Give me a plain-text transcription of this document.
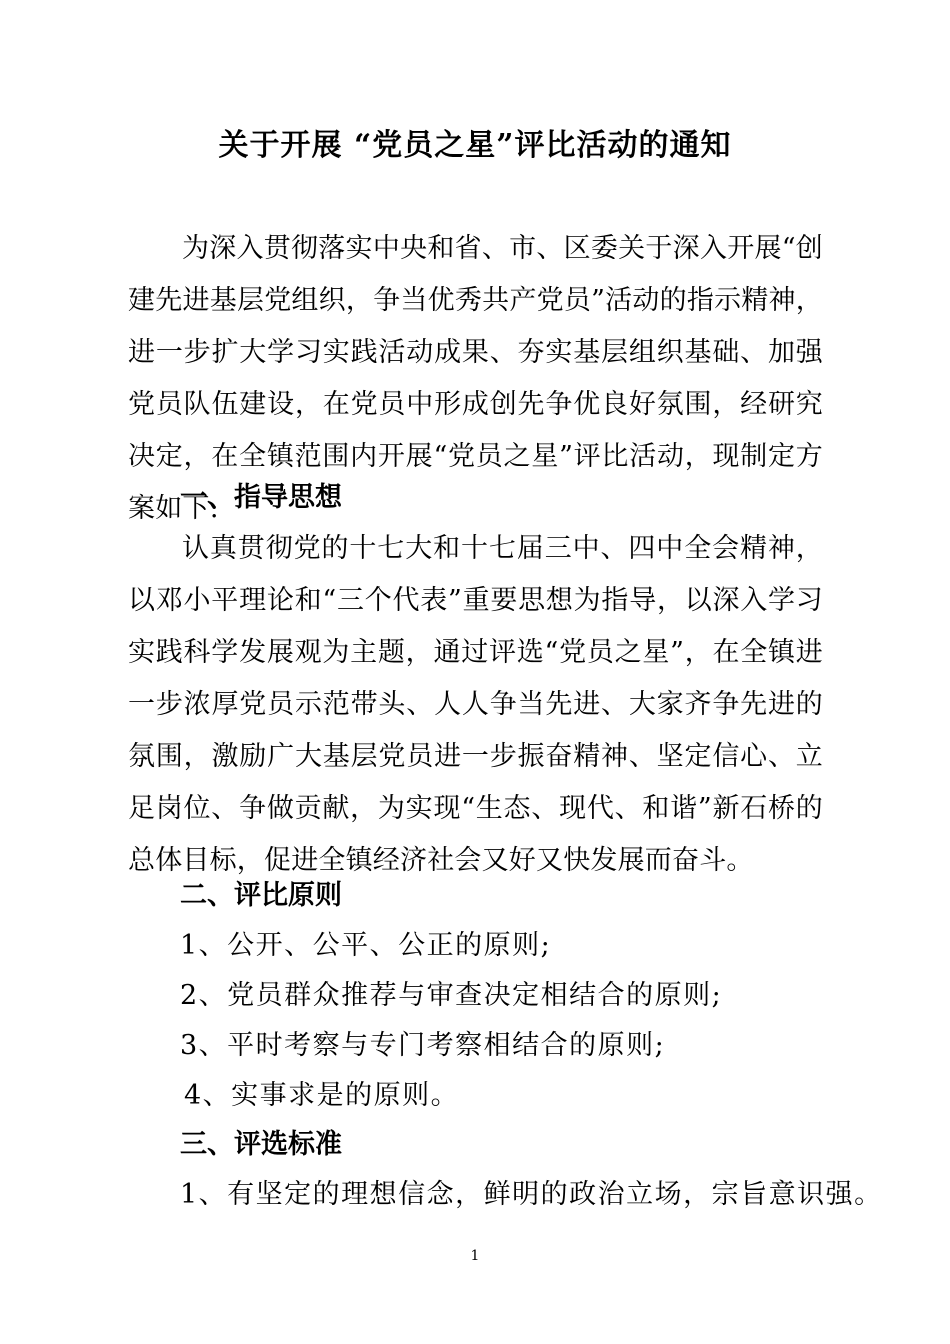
关于开展 “党员之星”评比活动的通知
为深入贯彻落实中央和省、市、区委关于深入开展“创建先进基层党组织，争当优秀共产党员”活动的指示精神，进一步扩大学习实践活动成果、夯实基层组织基础、加强党员队伍建设，在党员中形成创先争优良好氛围，经研究决定，在全镇范围内开展“党员之星”评比活动，现制定方案如下:
一、指导思想
认真贯彻党的十七大和十七届三中、四中全会精神，以邓小平理论和“三个代表”重要思想为指导，以深入学习实践科学发展观为主题，通过评选“党员之星”，在全镇进一步浓厚党员示范带头、人人争当先进、大家齐争先进的氛围，激励广大基层党员进一步振奋精神、坚定信心、立足岗位、争做贡献，为实现“生态、现代、和谐”新石桥的总体目标，促进全镇经济社会又好又快发展而奋斗。
二、评比原则
1、公开、公平、公正的原则;
2、党员群众推荐与审查决定相结合的原则;
3、平时考察与专门考察相结合的原则;
4、实事求是的原则。
三、评选标准
1、有坚定的理想信念，鲜明的政治立场，宗旨意识强。
1
